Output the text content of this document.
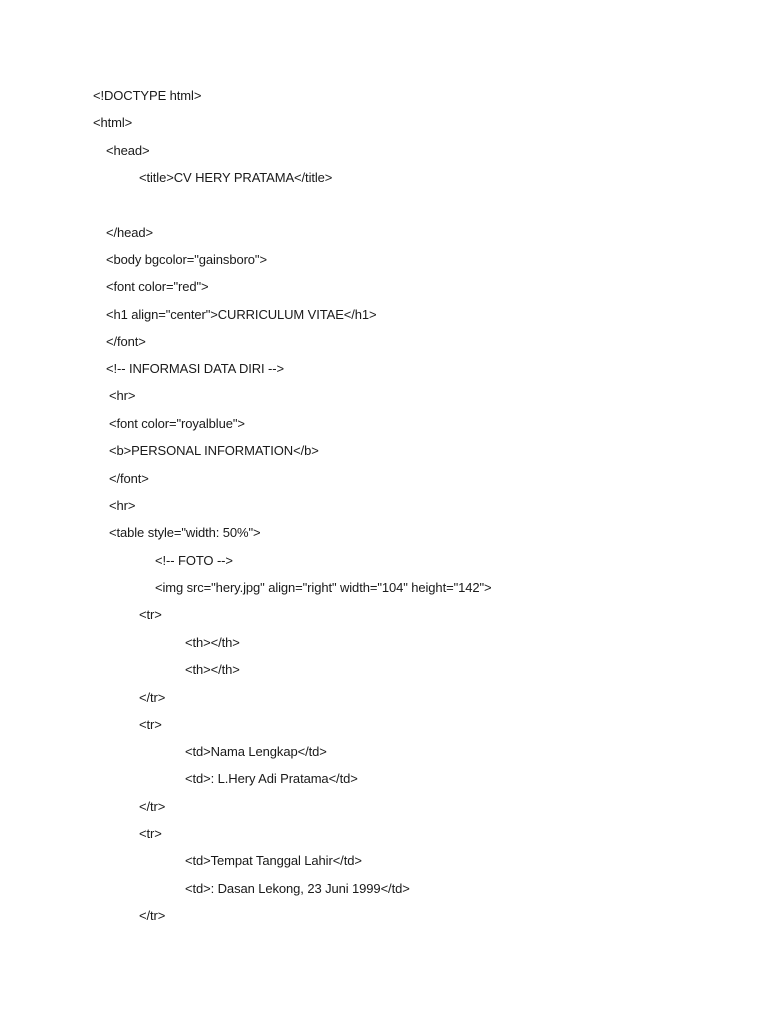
<!DOCTYPE html>
<html>
<head>
<title>CV HERY PRATAMA</title>
</head>
<body bgcolor="gainsboro">
<font color="red">
<h1 align="center">CURRICULUM VITAE</h1>
</font>
<!-- INFORMASI DATA DIRI -->
<hr>
<font color="royalblue">
<b>PERSONAL INFORMATION</b>
</font>
<hr>
<table style="width: 50%">
<!-- FOTO -->
<img src="hery.jpg" align="right" width="104" height="142">
<tr>
<th></th>
<th></th>
</tr>
<tr>
<td>Nama Lengkap</td>
<td>: L.Hery Adi Pratama</td>
</tr>
<tr>
<td>Tempat Tanggal Lahir</td>
<td>: Dasan Lekong, 23 Juni 1999</td>
</tr>
